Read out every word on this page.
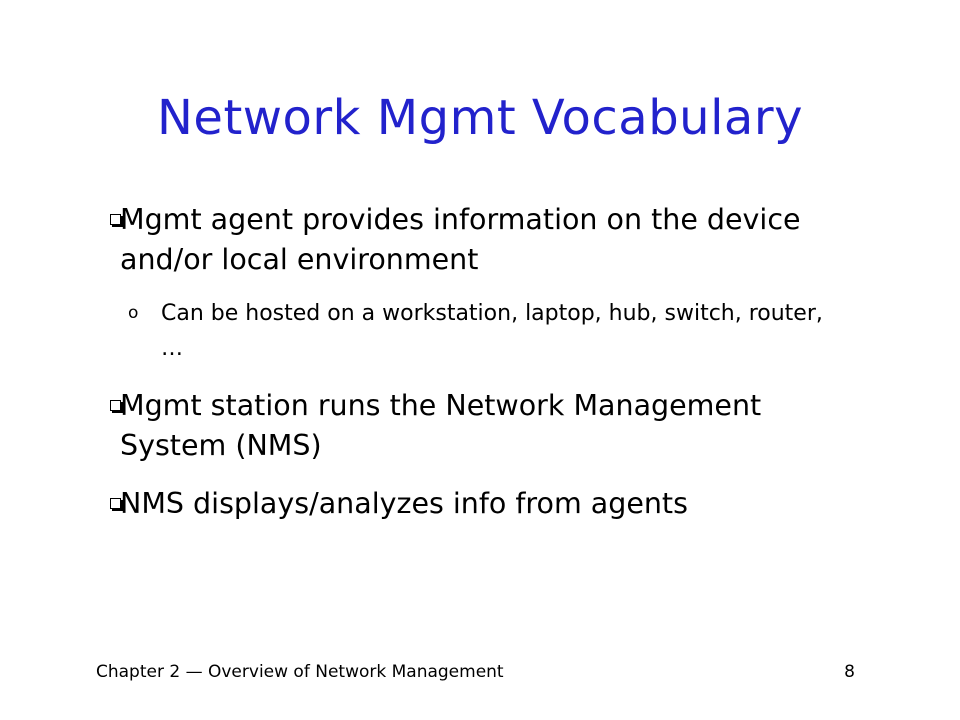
Network Mgmt Vocabulary
Mgmt agent provides information on the device and/or local environment
o Can be hosted on a workstation, laptop, hub, switch, router, …
Mgmt station runs the Network Management System (NMS)
NMS displays/analyzes info from agents
Chapter 2 — Overview of Network Management	8
